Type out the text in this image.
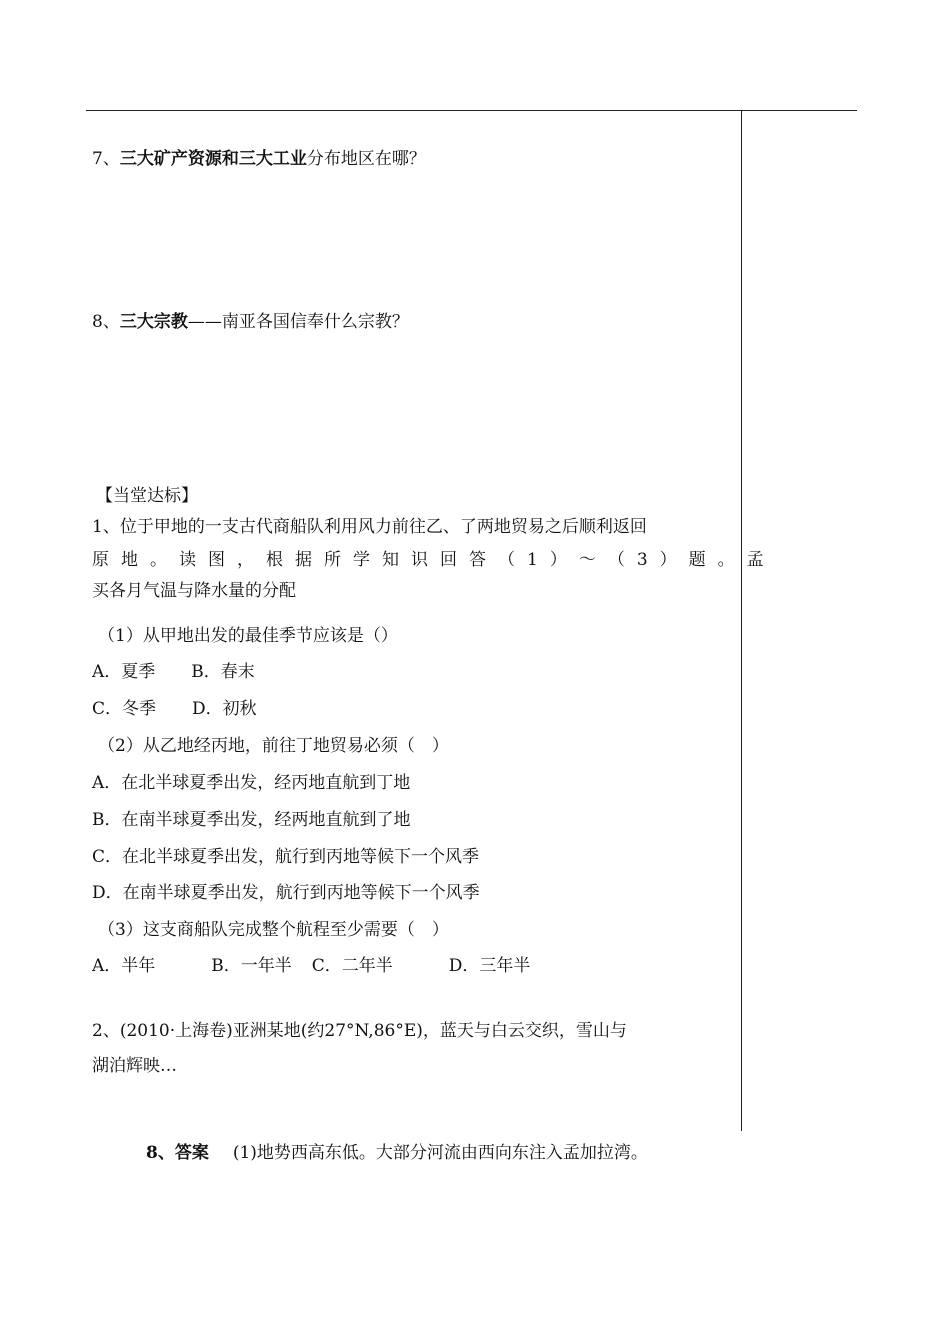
7、三大矿产资源和三大工业分布地区在哪？
8、三大宗教——南亚各国信奉什么宗教？
【当堂达标】
1、位于甲地的一支古代商船队利用风力前往乙、了两地贸易之后顺利返回
原地。读图，根据所学知识回答（1）～（3）题。孟
买各月气温与降水量的分配
（1）从甲地出发的最佳季节应该是（）
A．夏季 B．春末
C．冬季 D．初秋
（2）从乙地经丙地，前往丁地贸易必须（　）
A．在北半球夏季出发，经丙地直航到丁地
B．在南半球夏季出发，经两地直航到了地
C．在北半球夏季出发，航行到丙地等候下一个风季
D．在南半球夏季出发，航行到丙地等候下一个风季
（3）这支商船队完成整个航程至少需要（　）
A．半年	B．一年半 C．二年半	D．三年半
2、(2010·上海卷)亚洲某地(约27°N,86°E)，蓝天与白云交织，雪山与
湖泊辉映…
8、答案 (1)地势西高东低。大部分河流由西向东注入孟加拉湾。
